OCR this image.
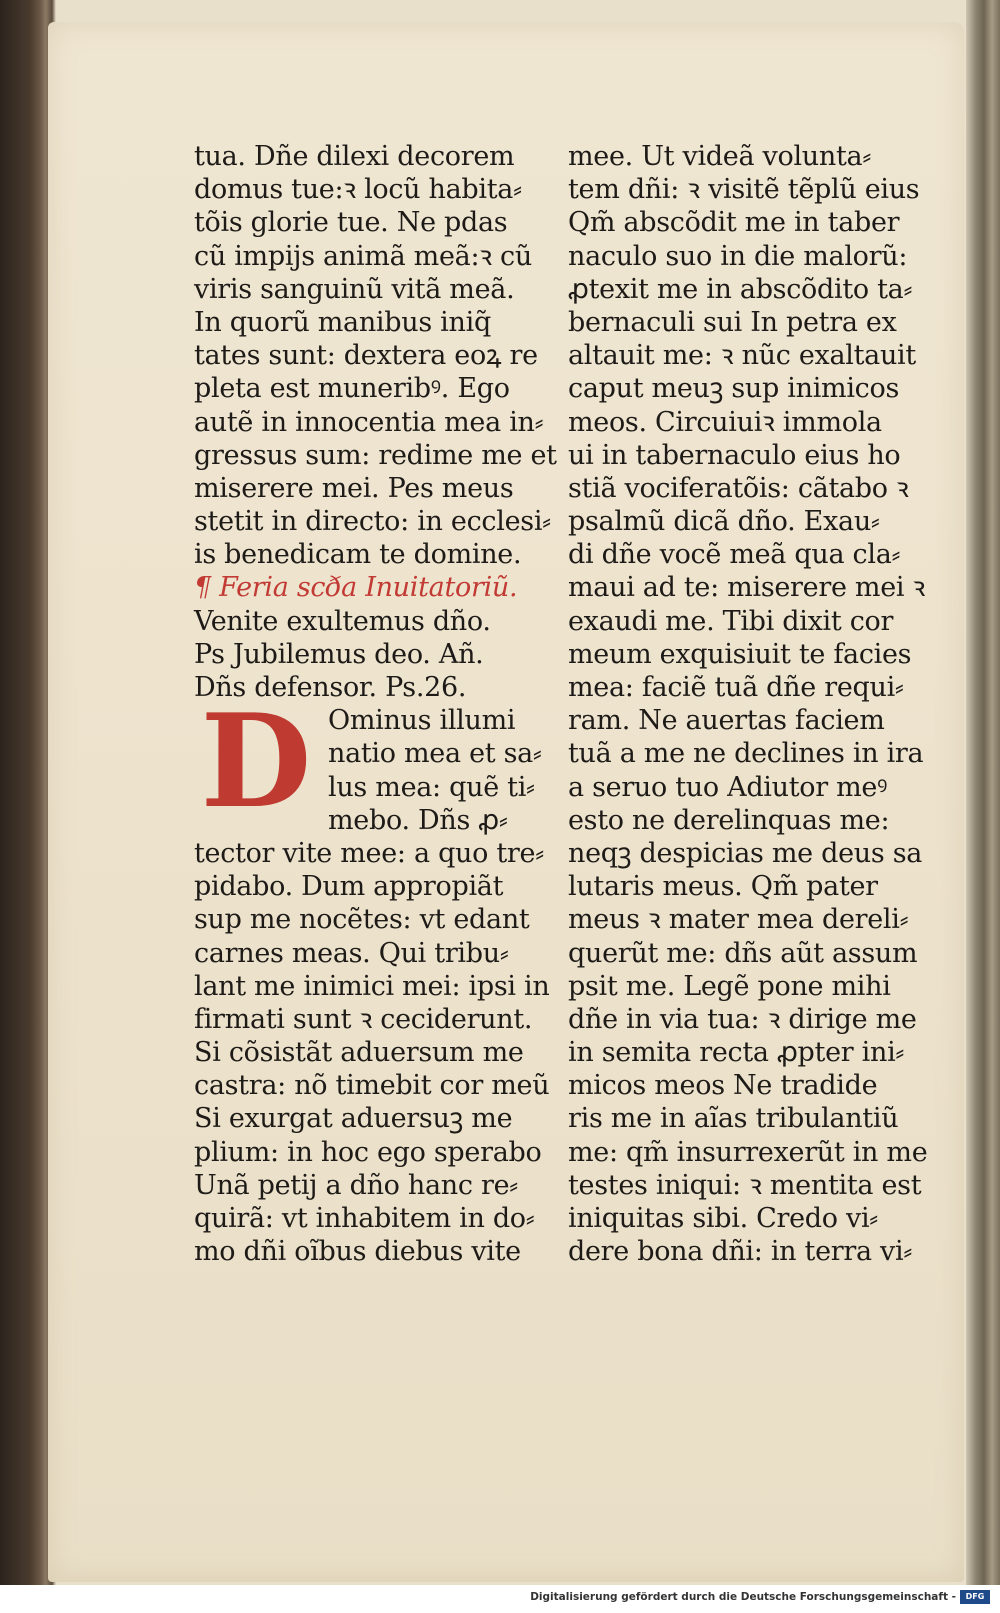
D
tua. Dñe dilexi decorem
domus tue:ꝛ locũ habita⸗
tõis glorie tue. Ne pdas
cũ impijs animã meã:ꝛ cũ
viris sanguinũ vitã meã.
In quorũ manibus iniq̃
tates sunt: dextera eoꝝ re
pleta est muneribꝰ. Ego
autẽ in innocentia mea in⸗
gressus sum: redime me et
miserere mei. Pes meus
stetit in directo: in ecclesi⸗
is benedicam te domine.
¶ Feria scða Inuitatoriũ.
Venite exultemus dño.
Ps Jubilemus deo. Añ.
Dñs defensor. Ps.26.
Ominus illumi
natio mea et sa⸗
lus mea: quẽ ti⸗
mebo. Dñs ꝓ⸗
tector vite mee: a quo tre⸗
pidabo. Dum appropiãt
sup me nocẽtes: vt edant
carnes meas. Qui tribu⸗
lant me inimici mei: ipsi in
firmati sunt ꝛ ceciderunt.
Si cõsistãt aduersum me
castra: nõ timebit cor meũ
Si exurgat aduersuꝫ me
plium: in hoc ego sperabo
Unã petij a dño hanc re⸗
quirã: vt inhabitem in do⸗
mo dñi oĩbus diebus vite
mee. Ut videã volunta⸗
tem dñi: ꝛ visitẽ tẽplũ eius
Qm̃ abscõdit me in taber
naculo suo in die malorũ:
ꝓtexit me in abscõdito ta⸗
bernaculi sui In petra ex
altauit me: ꝛ nũc exaltauit
caput meuꝫ sup inimicos
meos. Circuiuiꝛ immola
ui in tabernaculo eius ho
stiã vociferatõis: cãtabo ꝛ
psalmũ dicã dño. Exau⸗
di dñe vocẽ meã qua cla⸗
maui ad te: miserere mei ꝛ
exaudi me. Tibi dixit cor
meum exquisiuit te facies
mea: faciẽ tuã dñe requi⸗
ram. Ne auertas faciem
tuã a me ne declines in ira
a seruo tuo Adiutor meꝰ
esto ne derelinquas me:
neqꝫ despicias me deus sa
lutaris meus. Qm̃ pater
meus ꝛ mater mea dereli⸗
querũt me: dñs aũt assum
psit me. Legẽ pone mihi
dñe in via tua: ꝛ dirige me
in semita recta ꝓpter ini⸗
micos meos Ne tradide
ris me in aĩas tribulantiũ
me: qm̃ insurrexerũt in me
testes iniqui: ꝛ mentita est
iniquitas sibi. Credo vi⸗
dere bona dñi: in terra vi⸗
Digitalisierung gefördert durch die Deutsche Forschungsgemeinschaft -	DFG
